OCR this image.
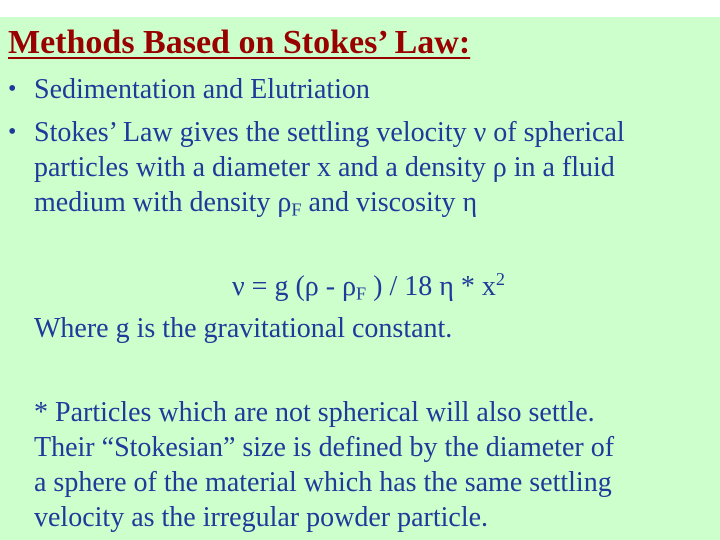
Methods Based on Stokes’ Law:
• Sedimentation and Elutriation
• Stokes’ Law gives the settling velocity ν of spherical
particles with a diameter x and a density ρ in a fluid
medium with density $\rho_F$ and viscosity η
ν = g ($\rho - \rho_F$ ) / 18 η * $x^2$
Where g is the gravitational constant.
* Particles which are not spherical will also settle.
Their “Stokesian” size is defined by the diameter of
a sphere of the material which has the same settling
velocity as the irregular powder particle.
